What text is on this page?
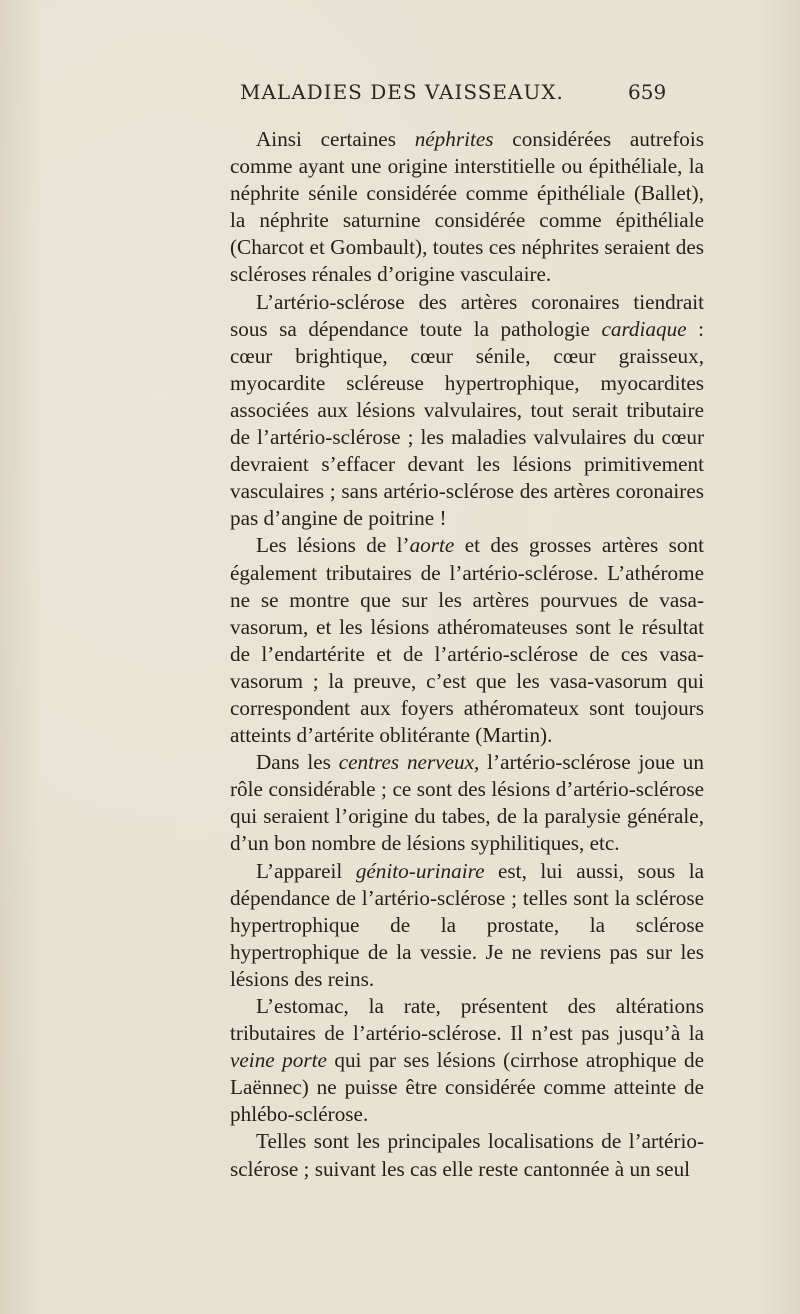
MALADIES DES VAISSEAUX.	659

Ainsi certaines néphrites considérées autrefois comme ayant une origine interstitielle ou épithéliale, la néphrite sénile considérée comme épithéliale (Ballet), la néphrite saturnine considérée comme épithéliale (Charcot et Gombault), toutes ces néphrites seraient des scléroses rénales d’origine vasculaire.

L’artério-sclérose des artères coronaires tiendrait sous sa dépendance toute la pathologie cardiaque : cœur brightique, cœur sénile, cœur graisseux, myocardite scléreuse hypertrophique, myocardites associées aux lésions valvulaires, tout serait tributaire de l’artério-sclérose ; les maladies valvulaires du cœur devraient s’effacer devant les lésions primitivement vasculaires ; sans artério-sclérose des artères coronaires pas d’angine de poitrine !

Les lésions de l’aorte et des grosses artères sont également tributaires de l’artério-sclérose. L’athérome ne se montre que sur les artères pourvues de vasa-vasorum, et les lésions athéromateuses sont le résultat de l’endartérite et de l’artério-sclérose de ces vasa-vasorum ; la preuve, c’est que les vasa-vasorum qui correspondent aux foyers athéromateux sont toujours atteints d’artérite oblitérante (Martin).

Dans les centres nerveux, l’artério-sclérose joue un rôle considérable ; ce sont des lésions d’artério-sclérose qui seraient l’origine du tabes, de la paralysie générale, d’un bon nombre de lésions syphilitiques, etc.

L’appareil génito-urinaire est, lui aussi, sous la dépendance de l’artério-sclérose ; telles sont la sclérose hypertrophique de la prostate, la sclérose hypertrophique de la vessie. Je ne reviens pas sur les lésions des reins.

L’estomac, la rate, présentent des altérations tributaires de l’artério-sclérose. Il n’est pas jusqu’à la veine porte qui par ses lésions (cirrhose atrophique de Laënnec) ne puisse être considérée comme atteinte de phlébo-sclérose.

Telles sont les principales localisations de l’artério-sclérose ; suivant les cas elle reste cantonnée à un seul
